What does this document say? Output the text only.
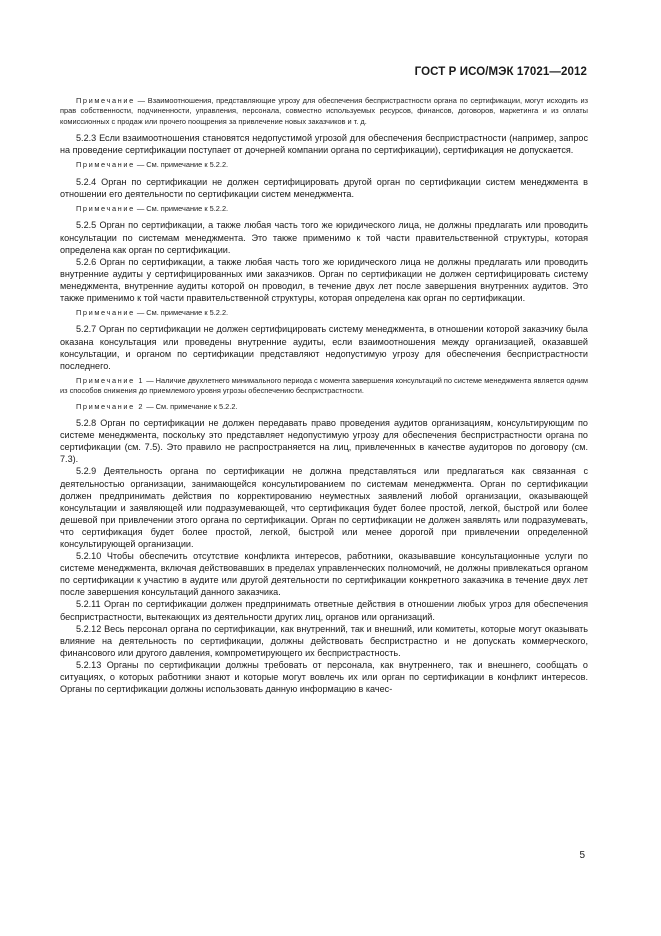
ГОСТ Р ИСО/МЭК 17021—2012

Примечание — Взаимоотношения, представляющие угрозу для обеспечения беспристрастности органа по сертификации, могут исходить из прав собственности, подчиненности, управления, персонала, совместно используемых ресурсов, финансов, договоров, маркетинга и из оплаты комиссионных с продаж или прочего поощрения за привлечение новых заказчиков и т. д.

5.2.3 Если взаимоотношения становятся недопустимой угрозой для обеспечения беспристрастности (например, запрос на проведение сертификации поступает от дочерней компании органа по сертификации), сертификация не допускается.

Примечание — См. примечание к 5.2.2.

5.2.4 Орган по сертификации не должен сертифицировать другой орган по сертификации систем менеджмента в отношении его деятельности по сертификации систем менеджмента.

Примечание — См. примечание к 5.2.2.

5.2.5 Орган по сертификации, а также любая часть того же юридического лица, не должны предлагать или проводить консультации по системам менеджмента. Это также применимо к той части правительственной структуры, которая определена как орган по сертификации.

5.2.6 Орган по сертификации, а также любая часть того же юридического лица не должны предлагать или проводить внутренние аудиты у сертифицированных ими заказчиков. Орган по сертификации не должен сертифицировать систему менеджмента, внутренние аудиты которой он проводил, в течение двух лет после завершения внутренних аудитов. Это также применимо к той части правительственной структуры, которая определена как орган по сертификации.

Примечание — См. примечание к 5.2.2.

5.2.7 Орган по сертификации не должен сертифицировать систему менеджмента, в отношении которой заказчику была оказана консультация или проведены внутренние аудиты, если взаимоотношения между организацией, оказавшей консультации, и органом по сертификации представляют недопустимую угрозу для обеспечения беспристрастности последнего.

Примечание 1 — Наличие двухлетнего минимального периода с момента завершения консультаций по системе менеджмента является одним из способов снижения до приемлемого уровня угрозы обеспечению беспристрастности.

Примечание 2 — См. примечание к 5.2.2.

5.2.8 Орган по сертификации не должен передавать право проведения аудитов организациям, консультирующим по системе менеджмента, поскольку это представляет недопустимую угрозу для обеспечения беспристрастности органа по сертификации (см. 7.5). Это правило не распространяется на лиц, привлеченных в качестве аудиторов по договору (см. 7.3).

5.2.9 Деятельность органа по сертификации не должна представляться или предлагаться как связанная с деятельностью организации, занимающейся консультированием по системам менеджмента. Орган по сертификации должен предпринимать действия по корректированию неуместных заявлений любой организации, оказывающей консультации и заявляющей или подразумевающей, что сертификация будет более простой, легкой, быстрой или более дешевой при привлечении этого органа по сертификации. Орган по сертификации не должен заявлять или подразумевать, что сертификация будет более простой, легкой, быстрой или менее дорогой при привлечении определенной консультирующей организации.

5.2.10 Чтобы обеспечить отсутствие конфликта интересов, работники, оказывавшие консультационные услуги по системе менеджмента, включая действовавших в пределах управленческих полномочий, не должны привлекаться органом по сертификации к участию в аудите или другой деятельности по сертификации конкретного заказчика в течение двух лет после завершения консультаций данного заказчика.

5.2.11 Орган по сертификации должен предпринимать ответные действия в отношении любых угроз для обеспечения беспристрастности, вытекающих из деятельности других лиц, органов или организаций.

5.2.12 Весь персонал органа по сертификации, как внутренний, так и внешний, или комитеты, которые могут оказывать влияние на деятельность по сертификации, должны действовать беспристрастно и не допускать коммерческого, финансового или другого давления, компрометирующего их беспристрастность.

5.2.13 Органы по сертификации должны требовать от персонала, как внутреннего, так и внешнего, сообщать о ситуациях, о которых работники знают и которые могут вовлечь их или орган по сертификации в конфликт интересов. Органы по сертификации должны использовать данную информацию в качес-

5
